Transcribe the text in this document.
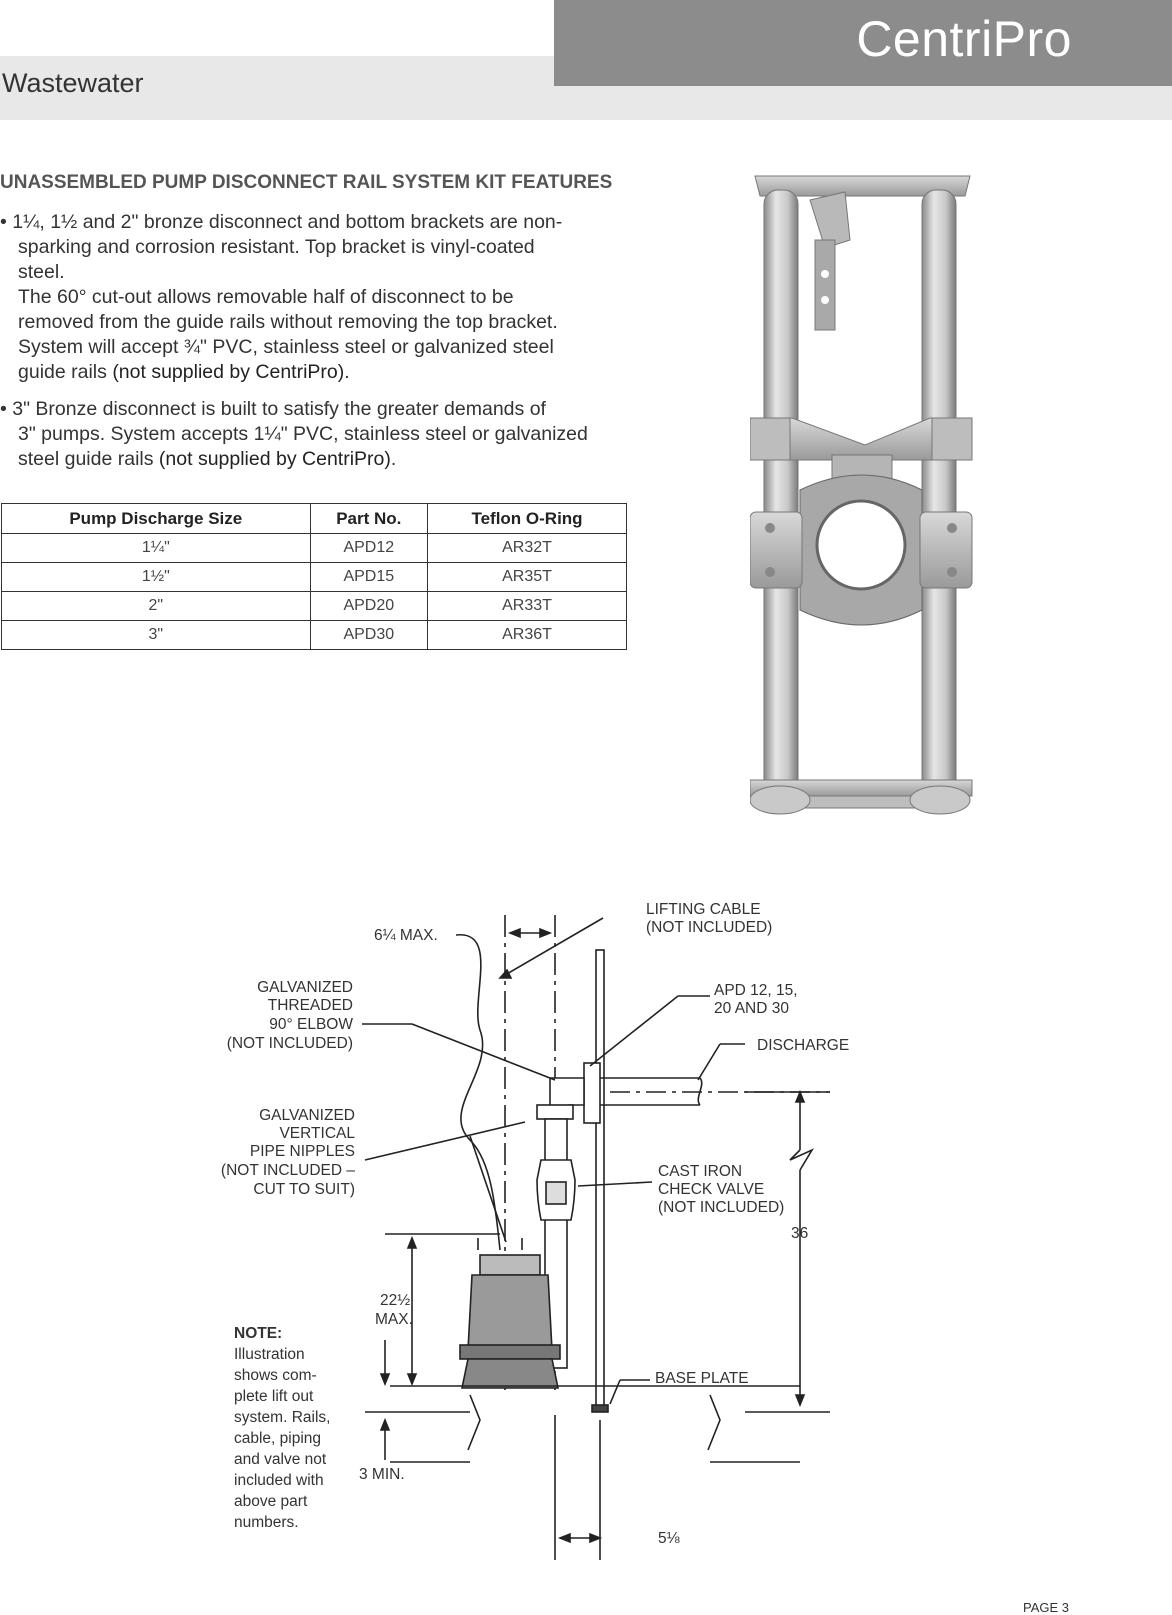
CentriPro
Wastewater
UNASSEMBLED PUMP DISCONNECT RAIL SYSTEM KIT FEATURES
• 1¼, 1½ and 2" bronze disconnect and bottom brackets are non-
sparking and corrosion resistant. Top bracket is vinyl-coated
steel.
The 60° cut-out allows removable half of disconnect to be
removed from the guide rails without removing the top bracket.
System will accept ¾" PVC, stainless steel or galvanized steel
guide rails (not supplied by CentriPro).
• 3" Bronze disconnect is built to satisfy the greater demands of
3" pumps. System accepts 1¼" PVC, stainless steel or galvanized
steel guide rails (not supplied by CentriPro).
Pump Discharge Size	Part No.	Teflon O-Ring
1¼"	APD12	AR32T
1½"	APD15	AR35T
2"	APD20	AR33T
3"	APD30	AR36T
6¼ MAX.
LIFTING CABLE
(NOT INCLUDED)
GALVANIZED
THREADED
90° ELBOW
(NOT INCLUDED)
APD 12, 15,
20 AND 30
DISCHARGE
GALVANIZED
VERTICAL
PIPE NIPPLES
(NOT INCLUDED –
CUT TO SUIT)
CAST IRON
CHECK VALVE
(NOT INCLUDED)
36
22½
MAX.
BASE PLATE
3 MIN.
5⅛
NOTE:
Illustration
shows com-
plete lift out
system. Rails,
cable, piping
and valve not
included with
above part
numbers.
PAGE 3
